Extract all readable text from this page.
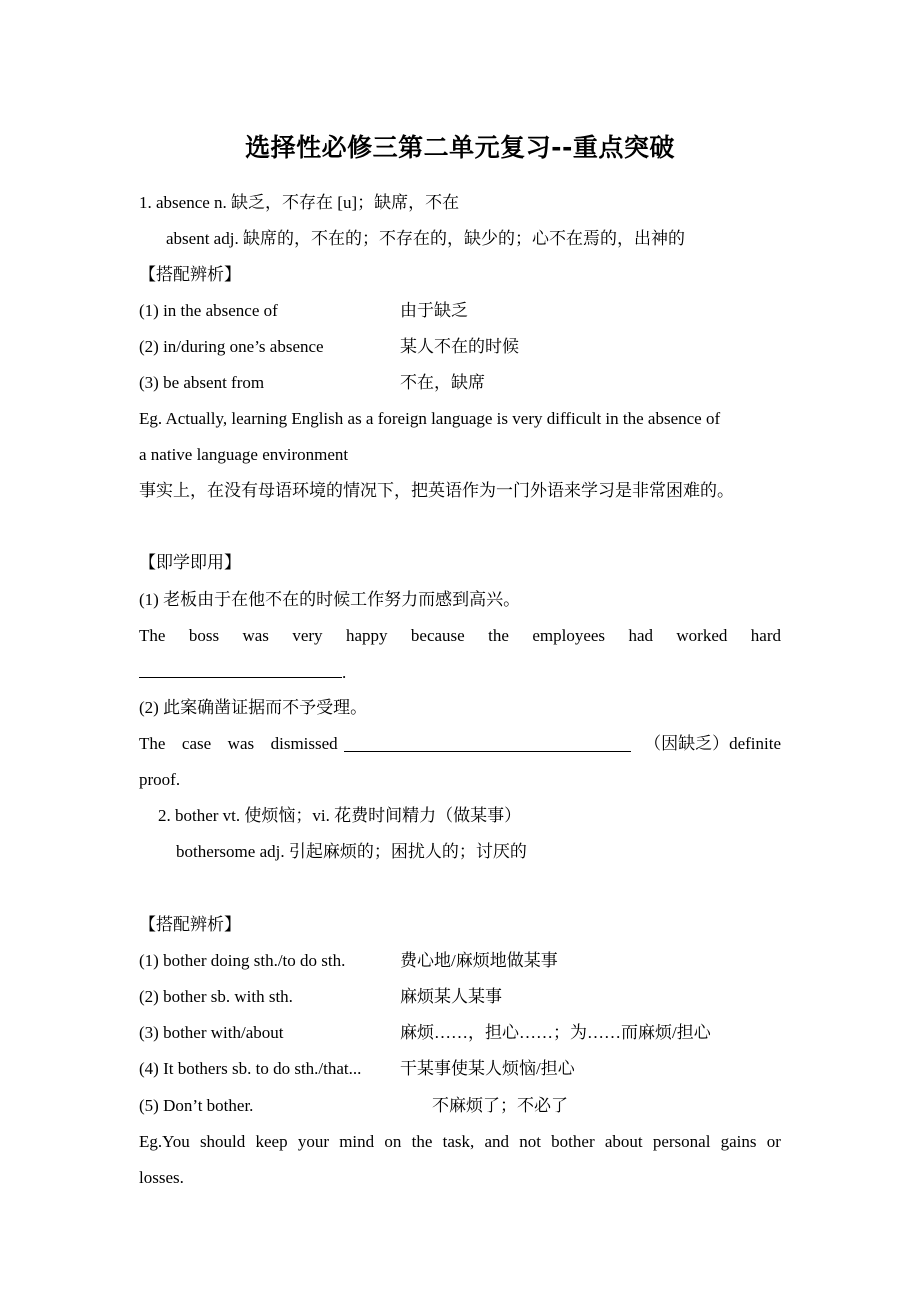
选择性必修三第二单元复习--重点突破
1. absence n. 缺乏，不存在 [u]；缺席，不在
absent adj. 缺席的，不在的；不存在的，缺少的；心不在焉的，出神的
【搭配辨析】
(1) in the absence of	由于缺乏
(2) in/during one’s absence	某人不在的时候
(3) be absent from	不在，缺席
Eg. Actually, learning English as a foreign language is very difficult in the absence of
a native language environment
事实上，在没有母语环境的情况下，把英语作为一门外语来学习是非常困难的。
【即学即用】
(1) 老板由于在他不在的时候工作努力而感到高兴。
The boss was very happy because the employees had worked hard
.
(2) 此案确凿证据而不予受理。
The  case  was  dismissed	（因缺乏）definite
proof.
2. bother vt. 使烦恼；vi. 花费时间精力（做某事）
bothersome adj. 引起麻烦的；困扰人的；讨厌的
【搭配辨析】
(1) bother doing sth./to do sth.	费心地/麻烦地做某事
(2) bother sb. with sth.	麻烦某人某事
(3) bother with/about	麻烦……，担心……；为……而麻烦/担心
(4) It bothers sb. to do sth./that... 干某事使某人烦恼/担心
(5) Don’t bother.	不麻烦了；不必了
Eg.You should keep your mind on the task, and not bother about personal gains or
losses.
